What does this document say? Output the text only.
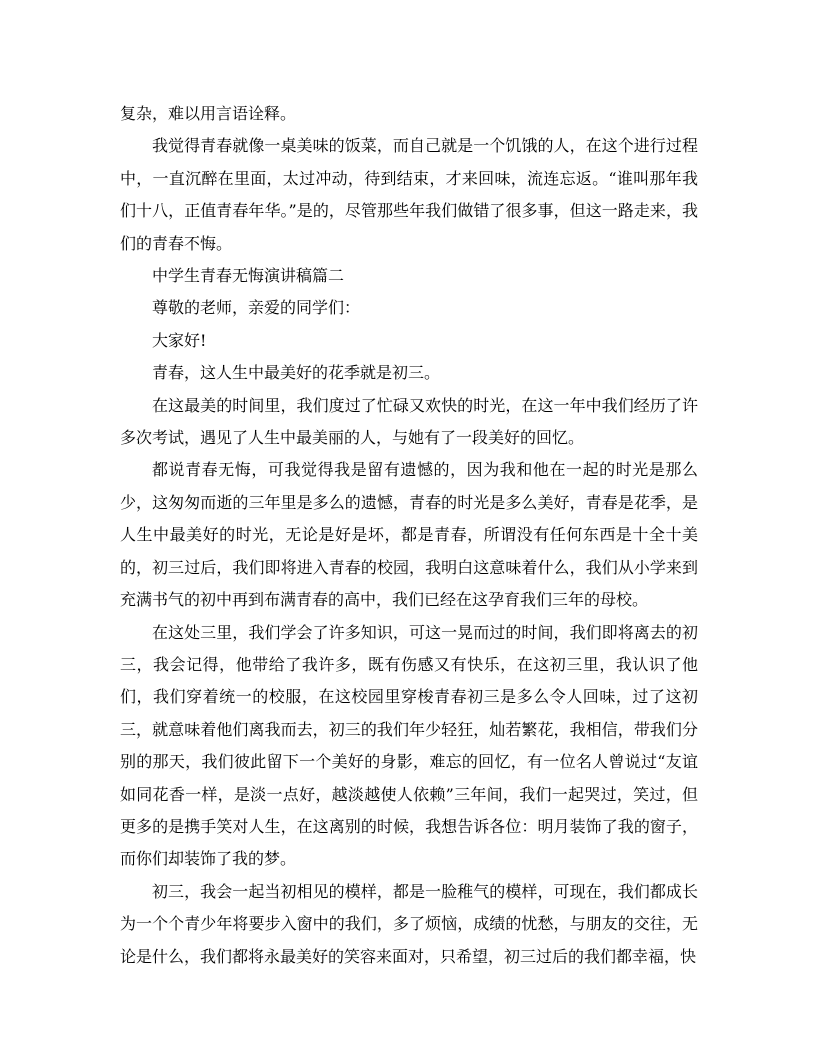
复杂，难以用言语诠释。

我觉得青春就像一桌美味的饭菜，而自己就是一个饥饿的人，在这个进行过程中，一直沉醉在里面，太过冲动，待到结束，才来回味，流连忘返。“谁叫那年我们十八，正值青春年华。”是的，尽管那些年我们做错了很多事，但这一路走来，我们的青春不悔。

中学生青春无悔演讲稿篇二

尊敬的老师，亲爱的同学们：

大家好!

青春，这人生中最美好的花季就是初三。

在这最美的时间里，我们度过了忙碌又欢快的时光，在这一年中我们经历了许多次考试，遇见了人生中最美丽的人，与她有了一段美好的回忆。

都说青春无悔，可我觉得我是留有遗憾的，因为我和他在一起的时光是那么少，这匆匆而逝的三年里是多么的遗憾，青春的时光是多么美好，青春是花季，是人生中最美好的时光，无论是好是坏，都是青春，所谓没有任何东西是十全十美的，初三过后，我们即将进入青春的校园，我明白这意味着什么，我们从小学来到充满书气的初中再到布满青春的高中，我们已经在这孕育我们三年的母校。

在这处三里，我们学会了许多知识，可这一晃而过的时间，我们即将离去的初三，我会记得，他带给了我许多，既有伤感又有快乐，在这初三里，我认识了他们，我们穿着统一的校服，在这校园里穿梭青春初三是多么令人回味，过了这初三，就意味着他们离我而去，初三的我们年少轻狂，灿若繁花，我相信，带我们分别的那天，我们彼此留下一个美好的身影，难忘的回忆，有一位名人曾说过“友谊如同花香一样，是淡一点好，越淡越使人依赖”三年间，我们一起哭过，笑过，但更多的是携手笑对人生，在这离别的时候，我想告诉各位：明月装饰了我的窗子，而你们却装饰了我的梦。

初三，我会一起当初相见的模样，都是一脸稚气的模样，可现在，我们都成长为一个个青少年将要步入窗中的我们，多了烦恼，成绩的忧愁，与朋友的交往，无论是什么，我们都将永最美好的笑容来面对，只希望，初三过后的我们都幸福，快
